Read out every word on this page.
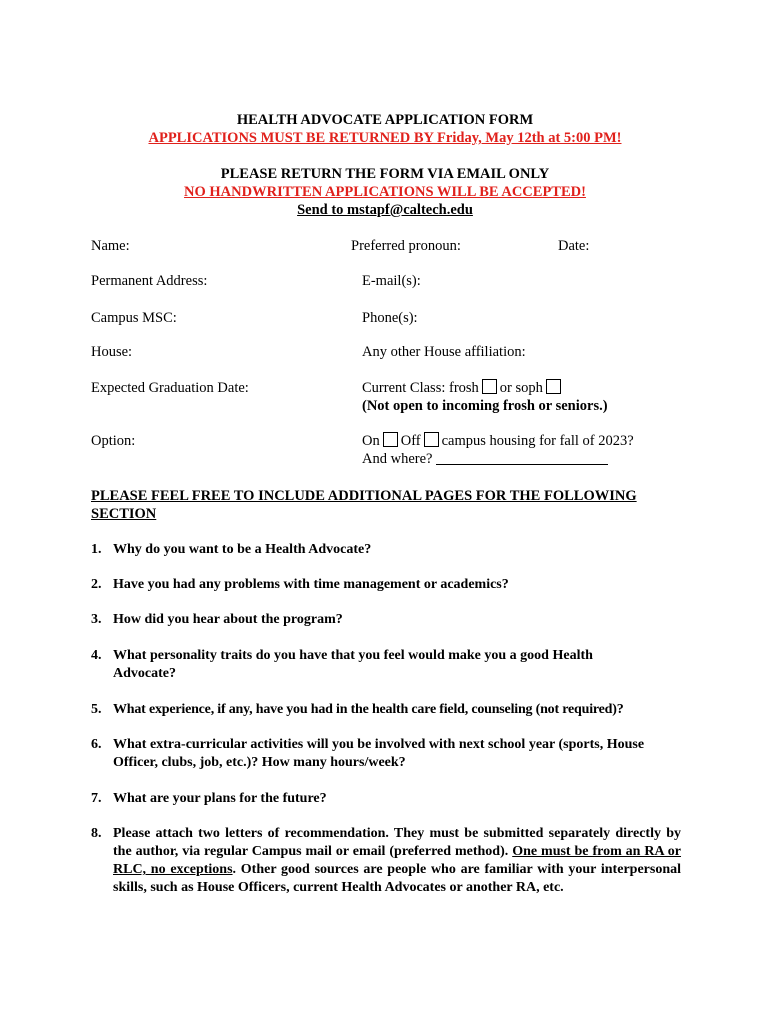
HEALTH ADVOCATE APPLICATION FORM
APPLICATIONS MUST BE RETURNED BY Friday, May 12th at 5:00 PM!
PLEASE RETURN THE FORM VIA EMAIL ONLY
NO HANDWRITTEN APPLICATIONS WILL BE ACCEPTED!
Send to mstapf@caltech.edu
Name:	Preferred pronoun:	Date:
Permanent Address:	E-mail(s):
Campus MSC:	Phone(s):
House:	Any other House affiliation:
Expected Graduation Date:	Current Class: frosh or soph
(Not open to incoming frosh or seniors.)
Option:	On Off campus housing for fall of 2023?
And where?
PLEASE FEEL FREE TO INCLUDE ADDITIONAL PAGES FOR THE FOLLOWING SECTION
1. Why do you want to be a Health Advocate?
2. Have you had any problems with time management or academics?
3. How did you hear about the program?
4. What personality traits do you have that you feel would make you a good Health Advocate?
5. What experience, if any, have you had in the health care field, counseling (not required)?
6. What extra-curricular activities will you be involved with next school year (sports, House Officer, clubs, job, etc.)? How many hours/week?
7. What are your plans for the future?
8. Please attach two letters of recommendation. They must be submitted separately directly by the author, via regular Campus mail or email (preferred method). One must be from an RA or RLC, no exceptions. Other good sources are people who are familiar with your interpersonal skills, such as House Officers, current Health Advocates or another RA, etc.
